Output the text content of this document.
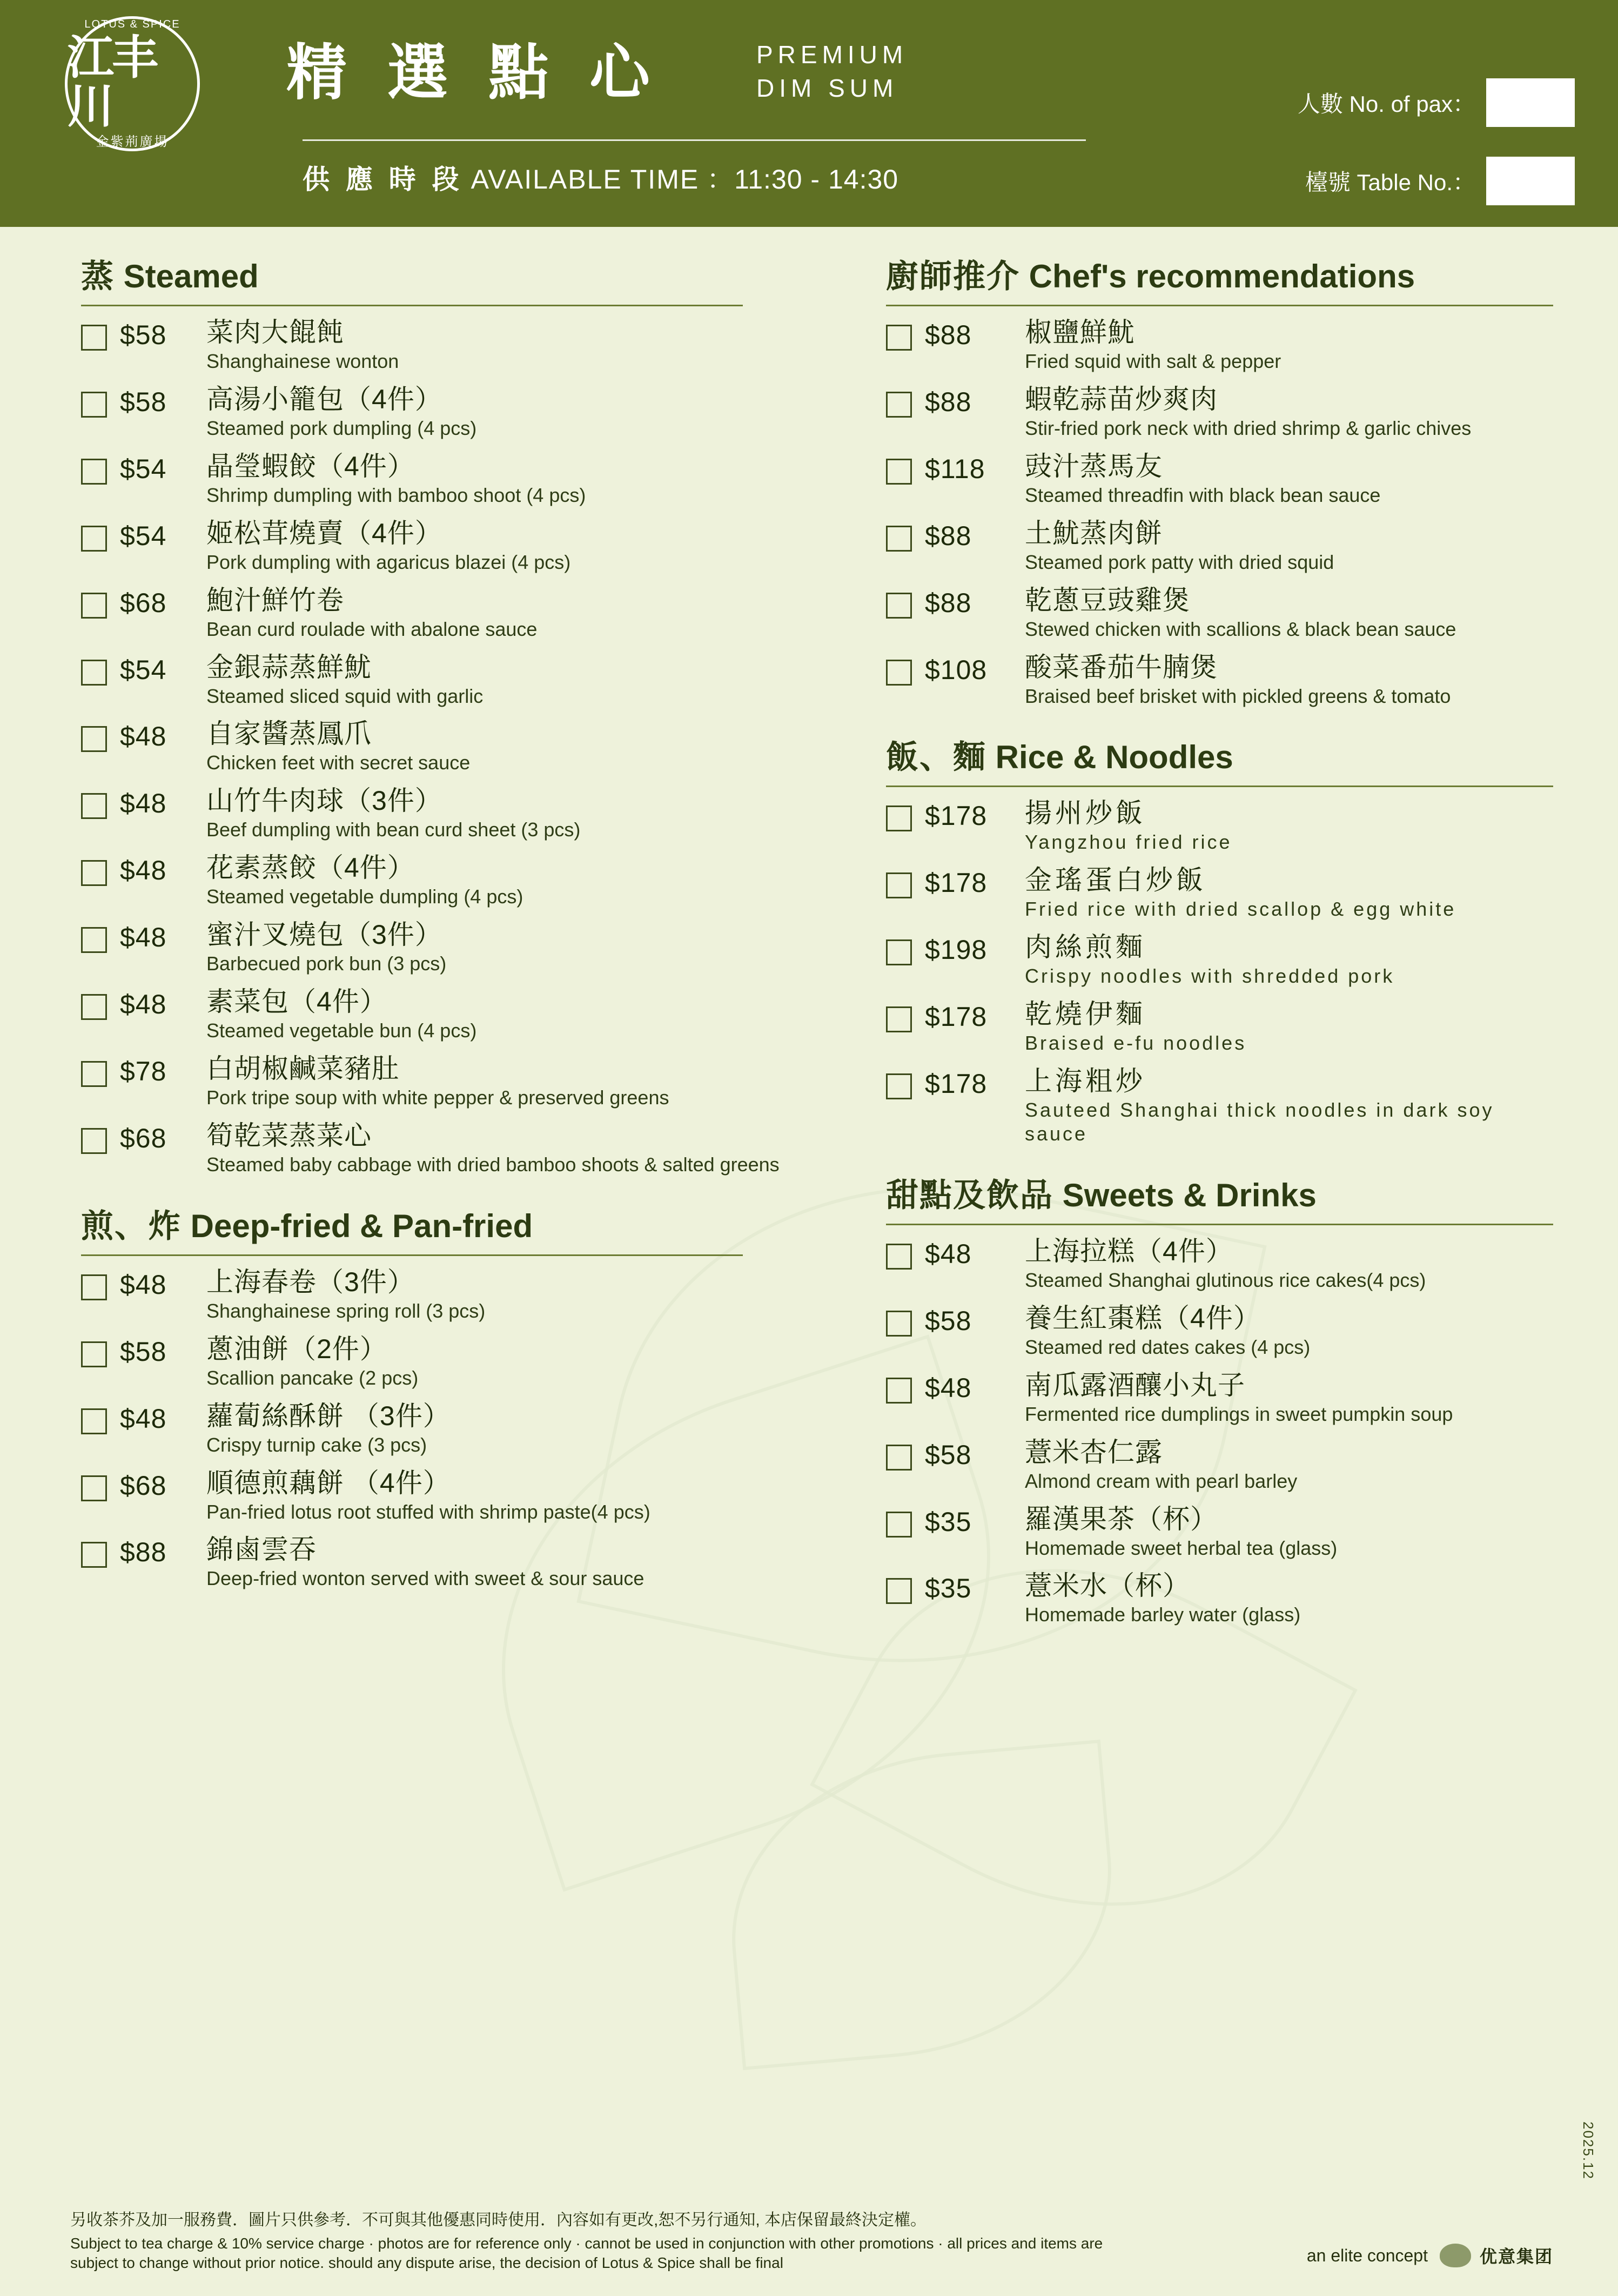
LOTUS & SPICE
江丰川
金紫荊廣場
精 選 點 心	PREMIUM
DIM SUM
供 應 時 段 AVAILABLE TIME ：11:30 - 14:30
人數 No. of pax：
檯號 Table No.：
蒸 Steamed
$58	菜肉大餛飩
Shanghainese wonton
$58	高湯小籠包（4件）
Steamed pork dumpling (4 pcs)
$54	晶瑩蝦餃（4件）
Shrimp dumpling with bamboo shoot (4 pcs)
$54	姬松茸燒賣（4件）
Pork dumpling with agaricus blazei (4 pcs)
$68	鮑汁鮮竹卷
Bean curd roulade with abalone sauce
$54	金銀蒜蒸鮮魷
Steamed sliced squid with garlic
$48	自家醬蒸鳳爪
Chicken feet with secret sauce
$48	山竹牛肉球（3件）
Beef dumpling with bean curd sheet (3 pcs)
$48	花素蒸餃（4件）
Steamed vegetable dumpling (4 pcs)
$48	蜜汁叉燒包（3件）
Barbecued pork bun (3 pcs)
$48	素菜包（4件）
Steamed vegetable bun (4 pcs)
$78	白胡椒鹹菜豬肚
Pork tripe soup with white pepper & preserved greens
$68	筍乾菜蒸菜心
Steamed baby cabbage with dried bamboo shoots & salted greens
煎、炸 Deep-fried & Pan-fried
$48	上海春卷（3件）
Shanghainese spring roll (3 pcs)
$58	蔥油餅（2件）
Scallion pancake (2 pcs)
$48	蘿蔔絲酥餅 （3件）
Crispy turnip cake (3 pcs)
$68	順德煎藕餅 （4件）
Pan-fried lotus root stuffed with shrimp paste(4 pcs)
$88	錦鹵雲吞
Deep-fried wonton served with sweet & sour sauce
廚師推介 Chef's recommendations
$88	椒鹽鮮魷
Fried squid with salt & pepper
$88	蝦乾蒜苗炒爽肉
Stir-fried pork neck with dried shrimp & garlic chives
$118	豉汁蒸馬友
Steamed threadfin with black bean sauce
$88	土魷蒸肉餅
Steamed pork patty with dried squid
$88	乾蔥豆豉雞煲
Stewed chicken with scallions & black bean sauce
$108	酸菜番茄牛腩煲
Braised beef brisket with pickled greens & tomato
飯、麵 Rice & Noodles
$178	揚州炒飯
Yangzhou fried rice
$178	金瑤蛋白炒飯
Fried rice with dried scallop & egg white
$198	肉絲煎麵
Crispy noodles with shredded pork
$178	乾燒伊麵
Braised e-fu noodles
$178	上海粗炒
Sauteed Shanghai thick noodles in dark soy sauce
甜點及飲品 Sweets & Drinks
$48	上海拉糕（4件）
Steamed Shanghai glutinous rice cakes(4 pcs)
$58	養生紅棗糕（4件）
Steamed red dates cakes (4 pcs)
$48	南瓜露酒釀小丸子
Fermented rice dumplings in sweet pumpkin soup
$58	薏米杏仁露
Almond cream with pearl barley
$35	羅漢果茶（杯）
Homemade sweet herbal tea (glass)
$35	薏米水（杯）
Homemade barley water (glass)
2025.12
另收茶芥及加一服務費．圖片只供參考．不可與其他優惠同時使用．內容如有更改,恕不另行通知, 本店保留最終決定權。
Subject to tea charge & 10% service charge · photos are for reference only · cannot be used in conjunction with other promotions · all prices and items are subject to change without prior notice. should any dispute arise, the decision of Lotus & Spice shall be final	an elite concept	优意集团
